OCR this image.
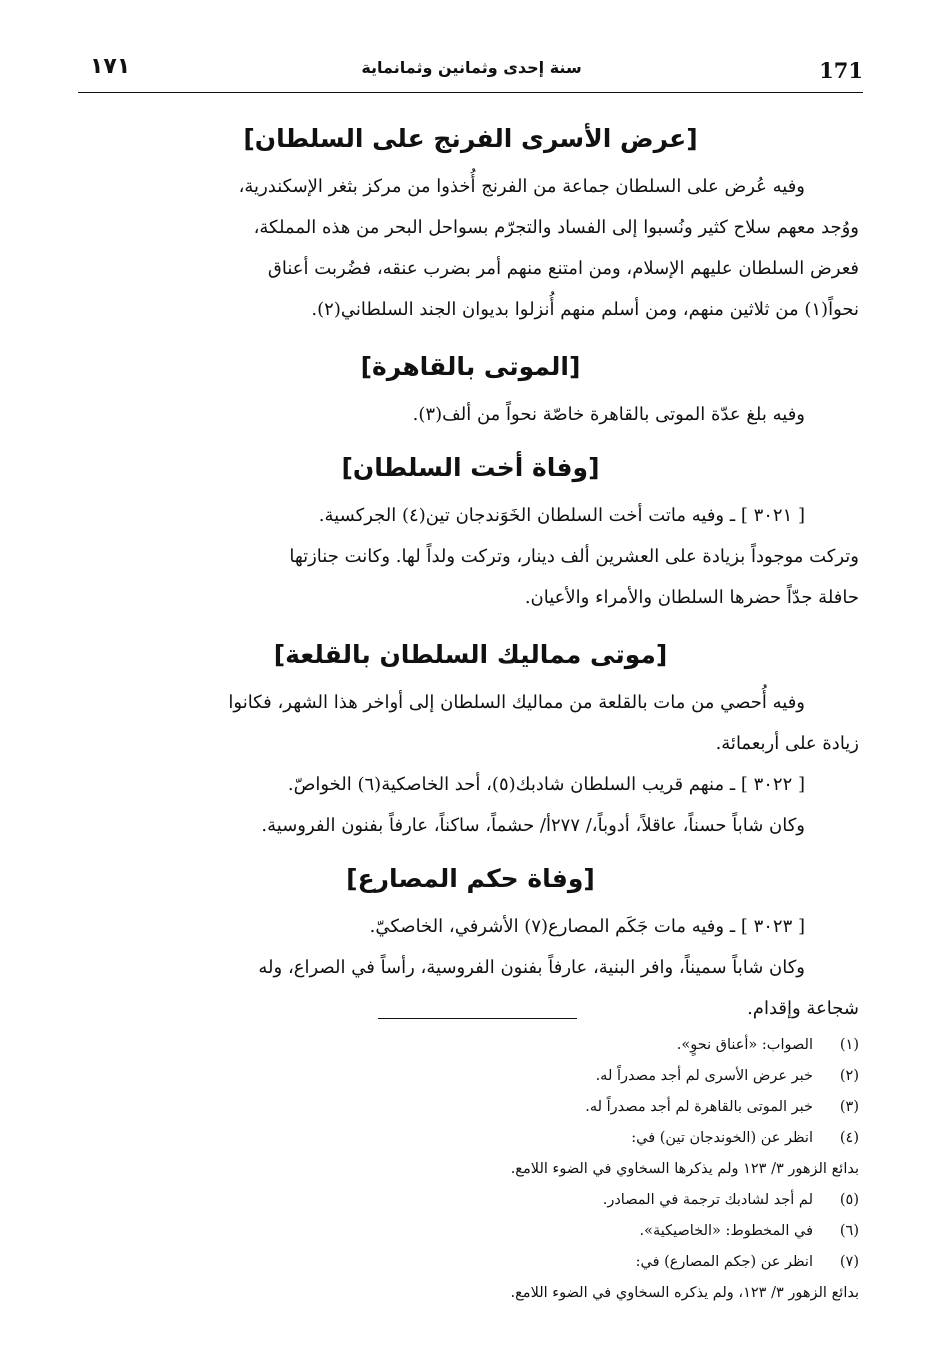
171
سنة إحدى وثمانين وثمانماية
١٧١
[عرض الأسرى الفرنج على السلطان]

وفيه عُرض على السلطان جماعة من الفرنج أُخذوا من مركز بثغر الإسكندرية،

ووُجد معهم سلاح كثير ونُسبوا إلى الفساد والتجرّم بسواحل البحر من هذه المملكة،

فعرض السلطان عليهم الإسلام، ومن امتنع منهم أمر بضرب عنقه، فضُربت أعناق

نحواً(١) من ثلاثين منهم، ومن أسلم منهم أُنزلوا بديوان الجند السلطاني(٢).

[الموتى بالقاهرة]

وفيه بلغ عدّة الموتى بالقاهرة خاصّة نحواً من ألف(٣).

[وفاة أخت السلطان]
[ ٣٠٢١ ] ـ وفيه ماتت أخت السلطان الخَوَندجان تين(٤) الجركسية.

وتركت موجوداً بزيادة على العشرين ألف دينار، وتركت ولداً لها. وكانت جنازتها

حافلة جدّاً حضرها السلطان والأمراء والأعيان.

[موتى مماليك السلطان بالقلعة]

وفيه أُحصي من مات بالقلعة من مماليك السلطان إلى أواخر هذا الشهر، فكانوا

زيادة على أربعمائة.

[ ٣٠٢٢ ] ـ منهم قريب السلطان شادبك(٥)، أحد الخاصكية(٦) الخواصّ.

وكان شاباً حسناً، عاقلاً، أدوباً،/ ٢٧٧أ/ حشماً، ساكناً، عارفاً بفنون الفروسية.

[وفاة حكم المصارع]
[ ٣٠٢٣ ] ـ وفيه مات جَكَم المصارع(٧) الأشرفي، الخاصكيّ.

وكان شاباً سميناً، وافر البنية، عارفاً بفنون الفروسية، رأساً في الصراع، وله

شجاعة وإقدام.

(١)
الصواب: «أعناق نحوٍ».
(٢)
خبر عرض الأسرى لم أجد مصدراً له.
(٣)
خبر الموتى بالقاهرة لم أجد مصدراً له.
(٤)
انظر عن (الخوندجان تين) في:
بدائع الزهور ٣/ ١٢٣ ولم يذكرها السخاوي في الضوء اللامع.
(٥)
لم أجد لشادبك ترجمة في المصادر.
(٦)
في المخطوط: «الخاصيكية».
(٧)
انظر عن (جكم المصارع) في:
بدائع الزهور ٣/ ١٢٣، ولم يذكره السخاوي في الضوء اللامع.
